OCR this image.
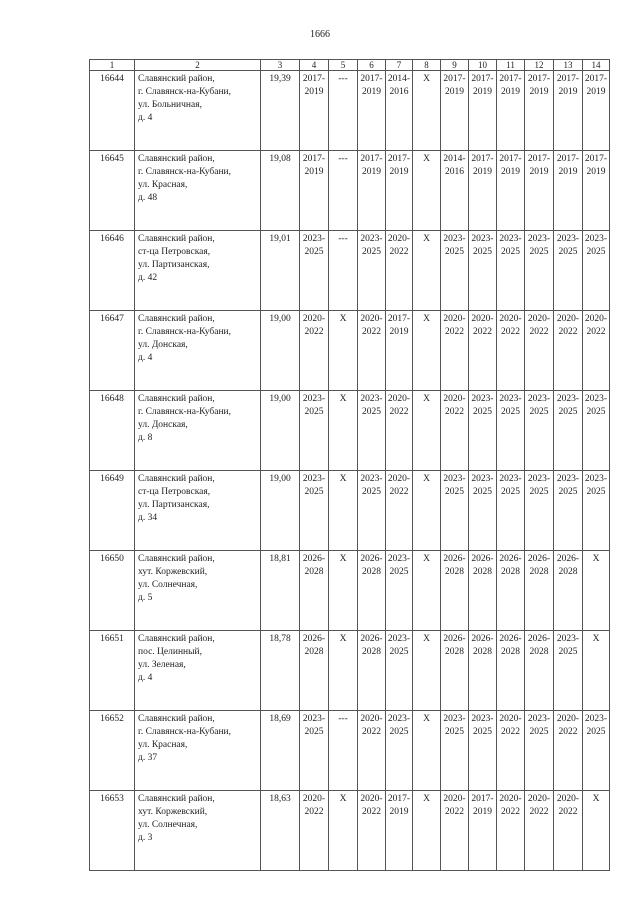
1666
1	2	3	4	5	6	7	8	9	10	11	12	13	14
16644	Славянский район,
г. Славянск-на-Кубани,
ул. Больничная,
д. 4	19,39	2017-
2019	---	2017-
2019	2014-
2016	X	2017-
2019	2017-
2019	2017-
2019	2017-
2019	2017-
2019	2017-
2019

16645	Славянский район,
г. Славянск-на-Кубани,
ул. Красная,
д. 48	19,08	2017-
2019	---	2017-
2019	2017-
2019	X	2014-
2016	2017-
2019	2017-
2019	2017-
2019	2017-
2019	2017-
2019

16646	Славянский район,
ст-ца Петровская,
ул. Партизанская,
д. 42	19,01	2023-
2025	---	2023-
2025	2020-
2022	X	2023-
2025	2023-
2025	2023-
2025	2023-
2025	2023-
2025	2023-
2025

16647	Славянский район,
г. Славянск-на-Кубани,
ул. Донская,
д. 4	19,00	2020-
2022	X	2020-
2022	2017-
2019	X	2020-
2022	2020-
2022	2020-
2022	2020-
2022	2020-
2022	2020-
2022

16648	Славянский район,
г. Славянск-на-Кубани,
ул. Донская,
д. 8	19,00	2023-
2025	X	2023-
2025	2020-
2022	X	2020-
2022	2023-
2025	2023-
2025	2023-
2025	2023-
2025	2023-
2025

16649	Славянский район,
ст-ца Петровская,
ул. Партизанская,
д. 34	19,00	2023-
2025	X	2023-
2025	2020-
2022	X	2023-
2025	2023-
2025	2023-
2025	2023-
2025	2023-
2025	2023-
2025

16650	Славянский район,
хут. Коржевский,
ул. Солнечная,
д. 5	18,81	2026-
2028	X	2026-
2028	2023-
2025	X	2026-
2028	2026-
2028	2026-
2028	2026-
2028	2026-
2028	X

16651	Славянский район,
пос. Целинный,
ул. Зеленая,
д. 4	18,78	2026-
2028	X	2026-
2028	2023-
2025	X	2026-
2028	2026-
2028	2026-
2028	2026-
2028	2023-
2025	X

16652	Славянский район,
г. Славянск-на-Кубани,
ул. Красная,
д. 37	18,69	2023-
2025	---	2020-
2022	2023-
2025	X	2023-
2025	2023-
2025	2020-
2022	2023-
2025	2020-
2022	2023-
2025

16653	Славянский район,
хут. Коржевский,
ул. Солнечная,
д. 3	18,63	2020-
2022	X	2020-
2022	2017-
2019	X	2020-
2022	2017-
2019	2020-
2022	2020-
2022	2020-
2022	X
